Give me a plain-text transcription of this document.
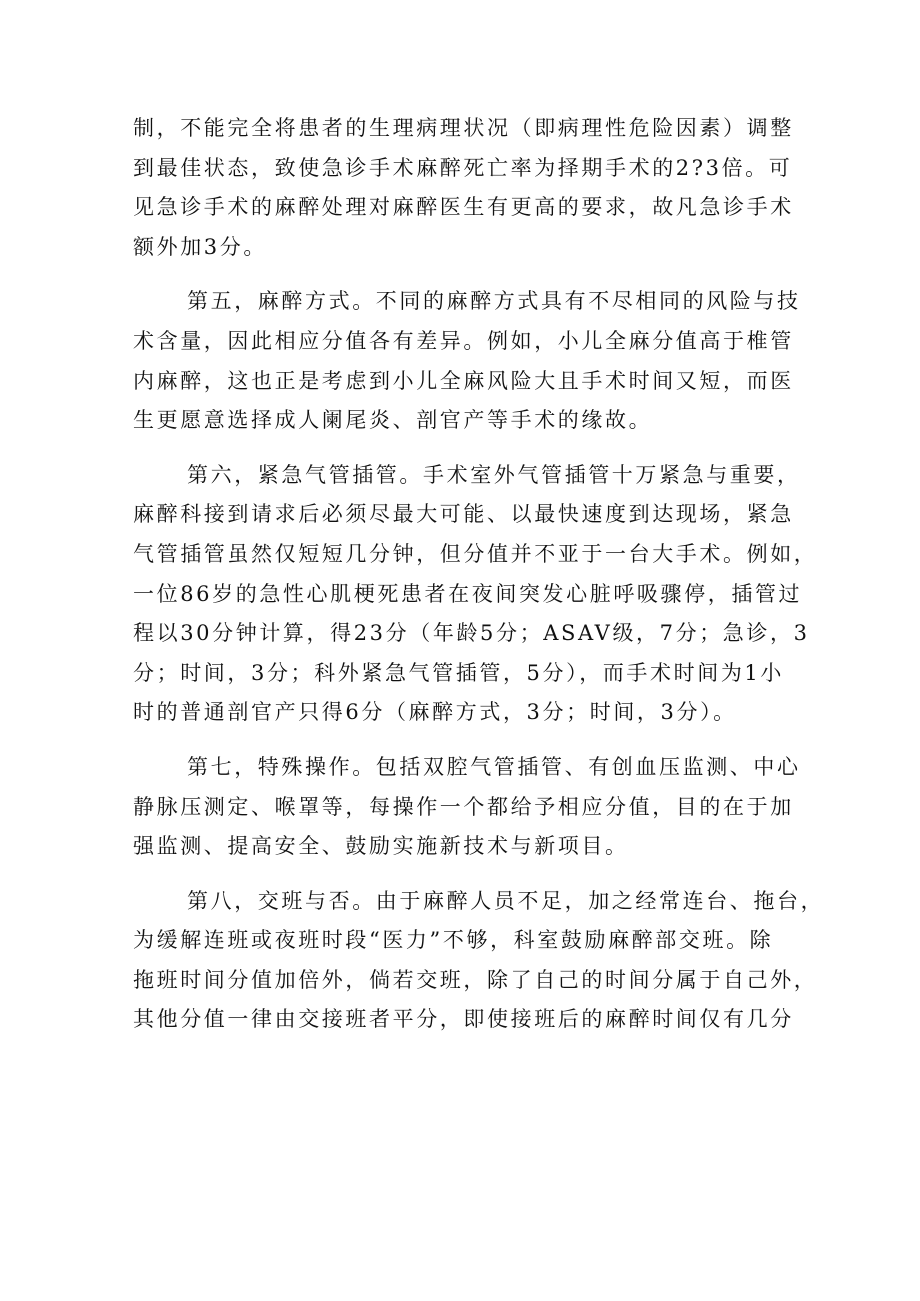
制，不能完全将患者的生理病理状况（即病理性危险因素）调整
到最佳状态，致使急诊手术麻醉死亡率为择期手术的2?3倍。可
见急诊手术的麻醉处理对麻醉医生有更高的要求，故凡急诊手术
额外加3分。

第五，麻醉方式。不同的麻醉方式具有不尽相同的风险与技
术含量，因此相应分值各有差异。例如，小儿全麻分值高于椎管
内麻醉，这也正是考虑到小儿全麻风险大且手术时间又短，而医
生更愿意选择成人阑尾炎、剖官产等手术的缘故。

第六，紧急气管插管。手术室外气管插管十万紧急与重要，
麻醉科接到请求后必须尽最大可能、以最快速度到达现场，紧急
气管插管虽然仅短短几分钟，但分值并不亚于一台大手术。例如，
一位86岁的急性心肌梗死患者在夜间突发心脏呼吸骤停，插管过
程以30分钟计算，得23分（年龄5分；ASAV级，7分；急诊，3
分；时间，3分；科外紧急气管插管，5分），而手术时间为1小
时的普通剖官产只得6分（麻醉方式，3分；时间，3分）。

第七，特殊操作。包括双腔气管插管、有创血压监测、中心
静脉压测定、喉罩等，每操作一个都给予相应分值，目的在于加
强监测、提高安全、鼓励实施新技术与新项目。

第八，交班与否。由于麻醉人员不足，加之经常连台、拖台，
为缓解连班或夜班时段“医力”不够，科室鼓励麻醉部交班。除
拖班时间分值加倍外，倘若交班，除了自己的时间分属于自己外，
其他分值一律由交接班者平分，即使接班后的麻醉时间仅有几分
